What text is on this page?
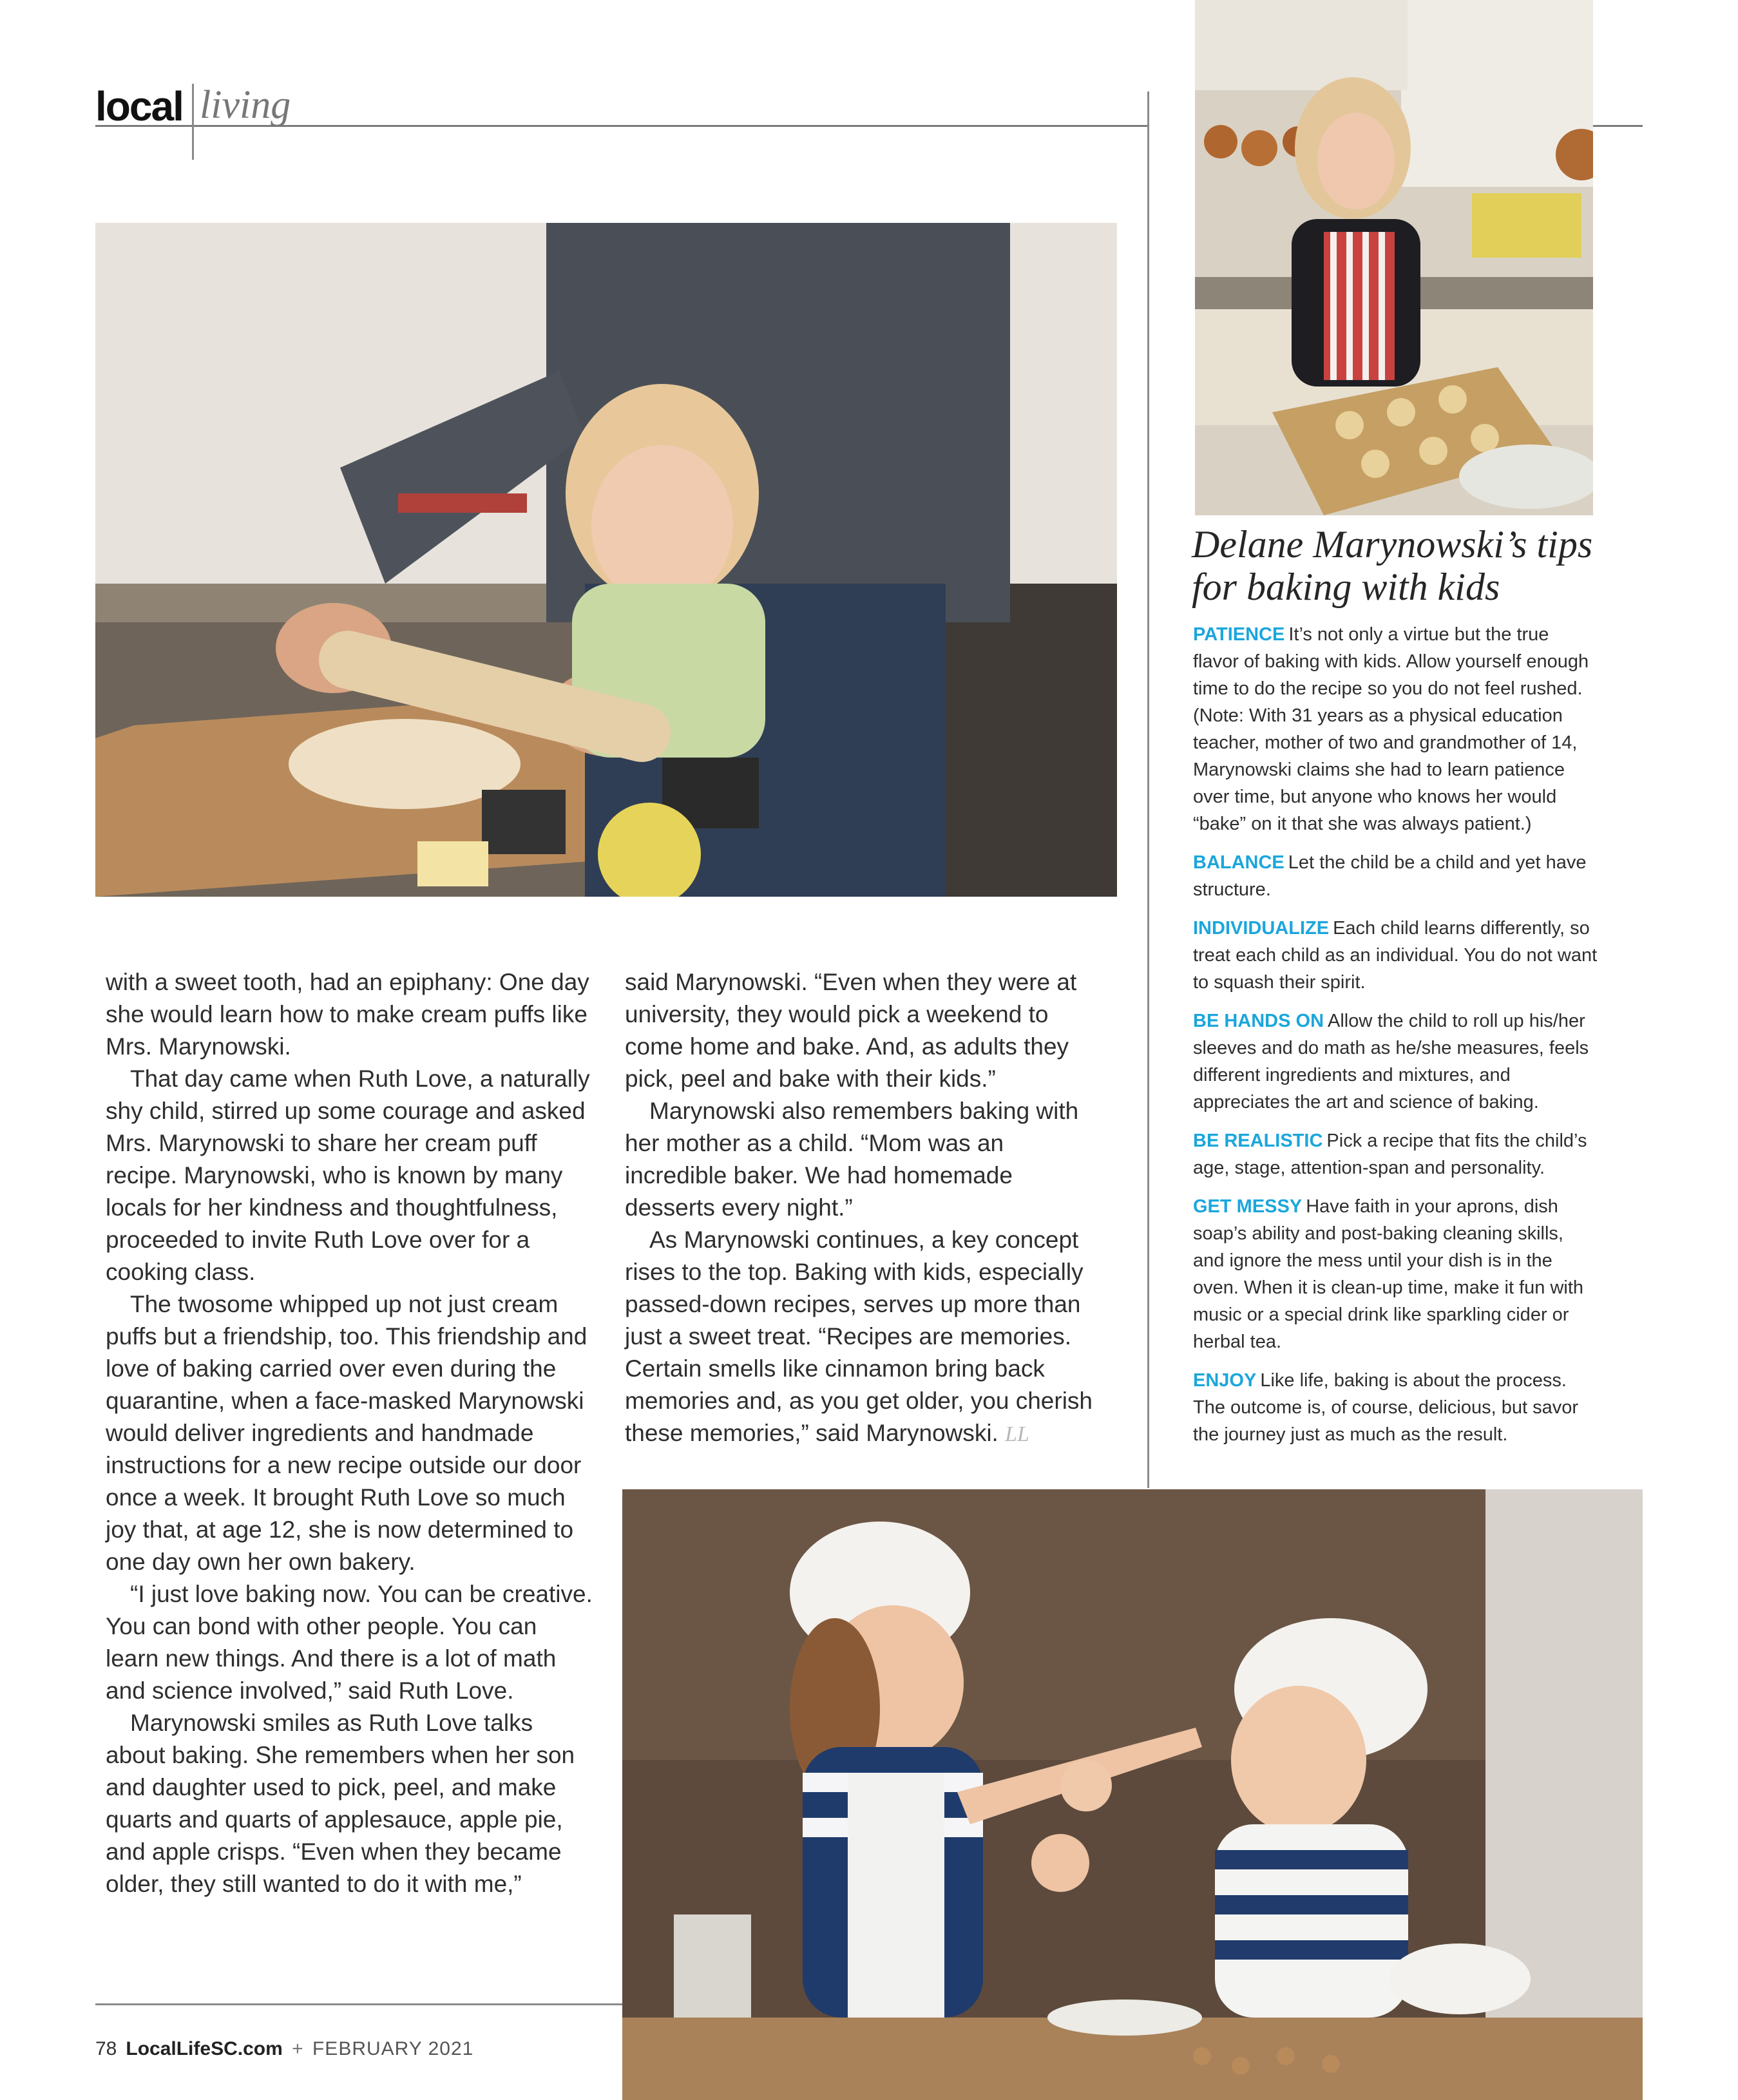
local living

with a sweet tooth, had an epiphany: One day she would learn how to make cream puffs like Mrs. Marynowski.

That day came when Ruth Love, a naturally shy child, stirred up some courage and asked Mrs. Marynowski to share her cream puff recipe. Marynowski, who is known by many locals for her kindness and thoughtfulness, proceeded to invite Ruth Love over for a cooking class.

The twosome whipped up not just cream puffs but a friendship, too. This friendship and love of baking carried over even during the quarantine, when a face-masked Marynowski would deliver ingredients and handmade instructions for a new recipe outside our door once a week. It brought Ruth Love so much joy that, at age 12, she is now determined to one day own her own bakery.

“I just love baking now. You can be creative. You can bond with other people. You can learn new things. And there is a lot of math and science involved,” said Ruth Love.

Marynowski smiles as Ruth Love talks about baking. She remembers when her son and daughter used to pick, peel, and make quarts and quarts of applesauce, apple pie, and apple crisps. “Even when they became older, they still wanted to do it with me,”

said Marynowski. “Even when they were at university, they would pick a weekend to come home and bake. And, as adults they pick, peel and bake with their kids.”

Marynowski also remembers baking with her mother as a child. “Mom was an incredible baker. We had homemade desserts every night.”

As Marynowski continues, a key concept rises to the top. Baking with kids, especially passed-down recipes, serves up more than just a sweet treat. “Recipes are memories. Certain smells like cinnamon bring back memories and, as you get older, you cherish these memories,” said Marynowski. LL

Delane Marynowski’s tips for baking with kids

PATIENCE It’s not only a virtue but the true flavor of baking with kids. Allow yourself enough time to do the recipe so you do not feel rushed. (Note: With 31 years as a physical education teacher, mother of two and grandmother of 14, Marynowski claims she had to learn patience over time, but anyone who knows her would “bake” on it that she was always patient.)

BALANCE Let the child be a child and yet have structure.

INDIVIDUALIZE Each child learns differently, so treat each child as an individual. You do not want to squash their spirit.

BE HANDS ON Allow the child to roll up his/her sleeves and do math as he/she measures, feels different ingredients and mixtures, and appreciates the art and science of baking.

BE REALISTIC Pick a recipe that fits the child’s age, stage, attention-span and personality.

GET MESSY Have faith in your aprons, dish soap’s ability and post-baking cleaning skills, and ignore the mess until your dish is in the oven. When it is clean-up time, make it fun with music or a special drink like sparkling cider or herbal tea.

ENJOY Like life, baking is about the process. The outcome is, of course, delicious, but savor the journey just as much as the result.

78 LocalLifeSC.com + FEBRUARY 2021
